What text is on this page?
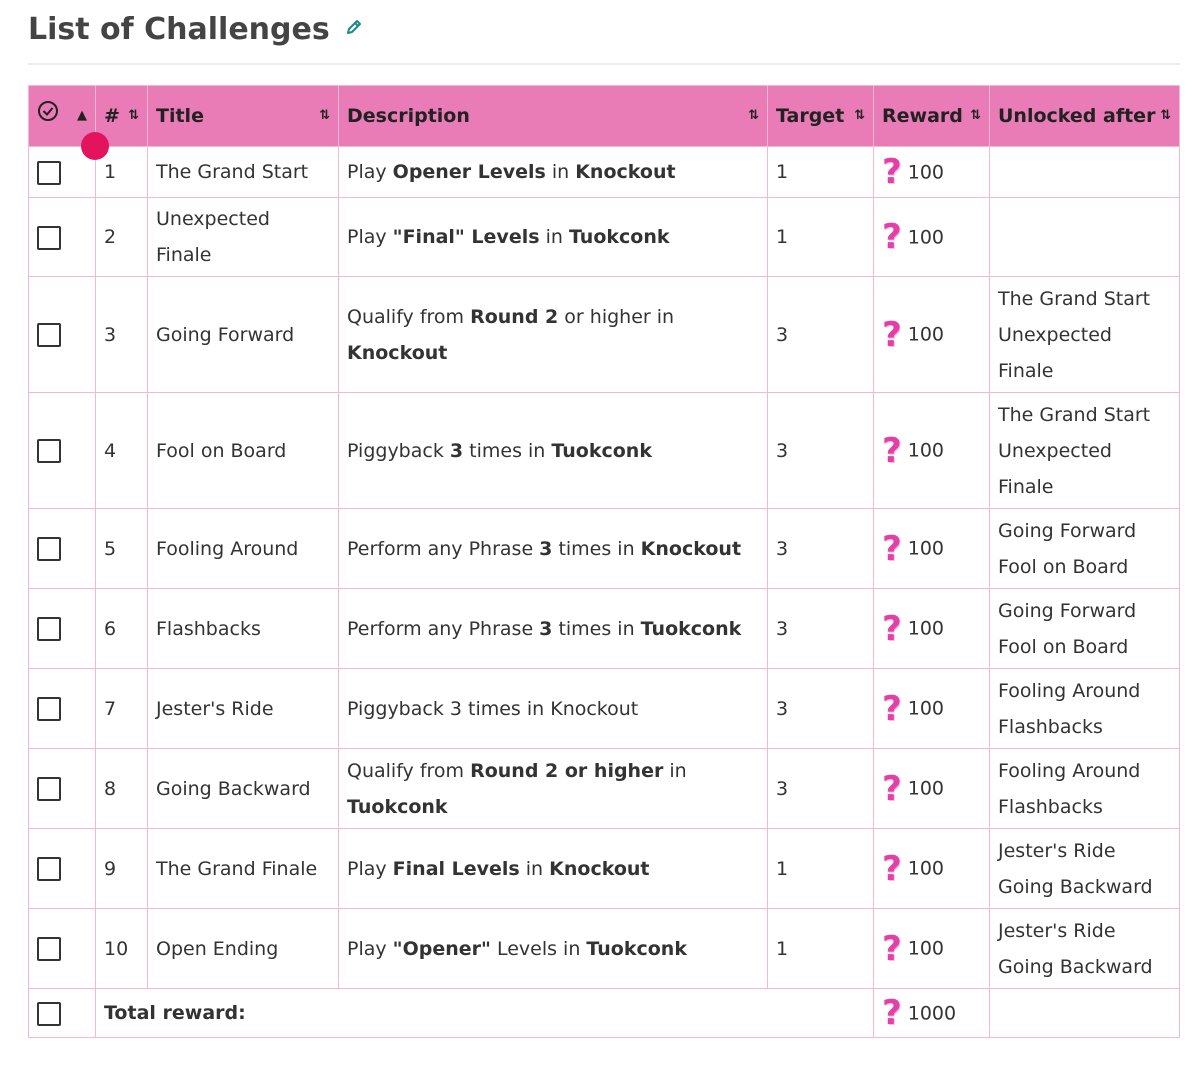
List of Challenges
▲︎	# ⇅	Title ⇅	Description ⇅	Target ⇅	Reward ⇅	Unlocked after ⇅

	1	The Grand Start	Play Opener Levels in Knockout	1	? 100	
	2	Unexpected Finale	Play "Final" Levels in Tuokconk	1	? 100	
	3	Going Forward	Qualify from Round 2 or higher in Knockout	3	? 100	The Grand Start
Unexpected Finale

	4	Fool on Board	Piggyback 3 times in Tuokconk	3	? 100	The Grand Start
Unexpected Finale

	5	Fooling Around	Perform any Phrase 3 times in Knockout	3	? 100	Going Forward
Fool on Board

	6	Flashbacks	Perform any Phrase 3 times in Tuokconk	3	? 100	Going Forward
Fool on Board

	7	Jester's Ride	Piggyback 3 times in Knockout	3	? 100	Fooling Around
Flashbacks

	8	Going Backward	Qualify from Round 2 or higher in Tuokconk	3	? 100	Fooling Around
Flashbacks

	9	The Grand Finale	Play Final Levels in Knockout	1	? 100	Jester's Ride
Going Backward

	10	Open Ending	Play "Opener" Levels in Tuokconk	1	? 100	Jester's Ride
Going Backward

	Total reward:				? 1000	
